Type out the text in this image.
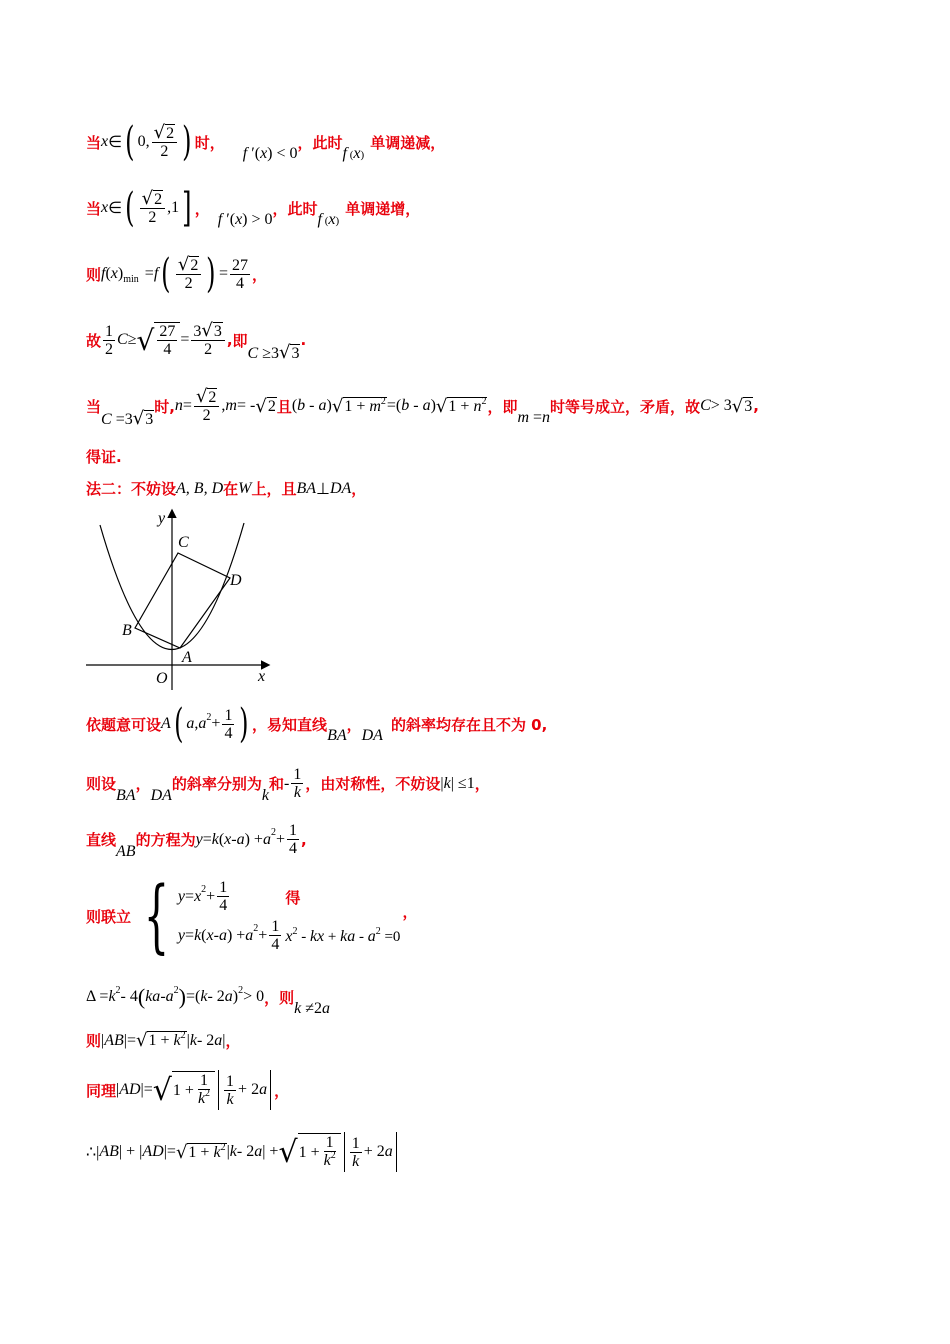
当 x ∈ ( 0, $\frac{√2}{2}$ ) 时，
f ′(x) < 0
，此时
f (x)
单调递减，
当 x ∈ ( $\frac{√2}{2} ,1$ ] ，
f ′(x) > 0
，此时
f (x)
单调递增，
则 f ( x ) min = f ( $\frac{√2}{2}$ ) = $\frac{27}{4}$ ，
故 $\frac{1}{2}$ C ≥ √ $\frac{27}{4} = \frac{3√3}{2}$ , 即
C ≥3√3
.
当
C =3√3
时, $n = \frac{√2}{2}$ , m = - √ 2 且 (b - a) √ $1 + m^2 =(b - a)$ √ $1 + n^2$ ，即
m =n
时等号成立，矛盾，故 C > 3 √ 3 ,
得证.
法二：不妨设 A, B, D 在 W 上，且 BA ⊥ DA ，
y
x
O
A
B
C
D
依题意可设 A ( a , a $2 + \frac{1}{4}$ ) ，易知直线
BA
，
DA
的斜率均存在且不为 0,
则设
BA
，
DA
的斜率分别为
k
和 - $\frac{1}{k}$ ，由对称性，不妨设 |k| ≤1 ，
直线
AB
的方程为 y = k ( x - a ) + a $2 + \frac{1}{4}$ ,
则联立 { y = x $2 + \frac{1}{4}$
y = k ( x - a ) + a $2 + \frac{1}{4}$
得
$x^2$ - kx + ka - $a^2 =0$
，
Δ = k 2 - 4 ( ka - a 2 ) =( k - 2 a ) 2 > 0 ， 则
k ≠2a
则 | AB |= √ $1 + k^2$ | k - 2 a | ，
同理 | AD |= √ $1 + \frac{1}{k^2} \frac{1}{k} + 2$ a ，
∴| AB | + | AD |= √ $1 + k^2$ | k - 2 a | + √ $1 + \frac{1}{k^2} \frac{1}{k} + 2$ a
